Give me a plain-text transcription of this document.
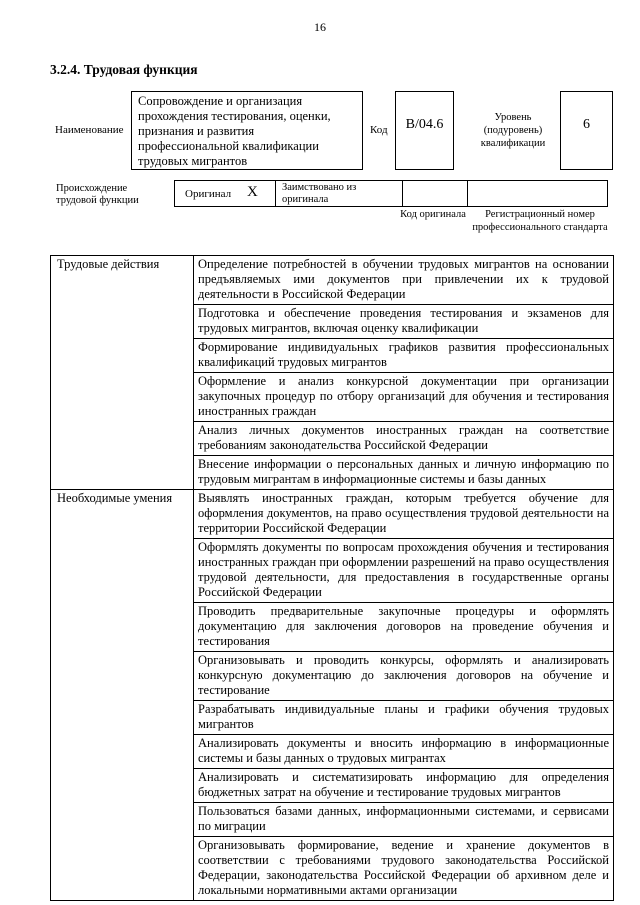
16
3.2.4. Трудовая функция
Наименование
Сопровождение и организация прохождения тестирования, оценки, признания и развития профессиональной квалификации трудовых мигрантов
Код	В/04.6	Уровень (подуровень) квалификации
6
Происхождение трудовой функции
Оригинал X Заимствовано из оригинала
Код оригинала	Регистрационный номер профессионального стандарта
Трудовые действия	Определение потребностей в обучении трудовых мигрантов на основании предъявляемых ими документов при привлечении их к трудовой деятельности в Российской Федерации
	Подготовка и обеспечение проведения тестирования и экзаменов для трудовых мигрантов, включая оценку квалификации
	Формирование индивидуальных графиков развития профессиональных квалификаций трудовых мигрантов
	Оформление и анализ конкурсной документации при организации закупочных процедур по отбору организаций для обучения и тестирования иностранных граждан
	Анализ личных документов иностранных граждан на соответствие требованиям законодательства Российской Федерации
	Внесение информации о персональных данных и личную информацию по трудовым мигрантам в информационные системы и базы данных
Необходимые умения	Выявлять иностранных граждан, которым требуется обучение для оформления документов, на право осуществления трудовой деятельности на территории Российской Федерации
	Оформлять документы по вопросам прохождения обучения и тестирования иностранных граждан при оформлении разрешений на право осуществления трудовой деятельности, для предоставления в государственные органы Российской Федерации
	Проводить предварительные закупочные процедуры и оформлять документацию для заключения договоров на проведение обучения и тестирования
	Организовывать и проводить конкурсы, оформлять и анализировать конкурсную документацию до заключения договоров на обучение и тестирование
	Разрабатывать индивидуальные планы и графики обучения трудовых мигрантов
	Анализировать документы и вносить информацию в информационные системы и базы данных о трудовых мигрантах
	Анализировать и систематизировать информацию для определения бюджетных затрат на обучение и тестирование трудовых мигрантов
	Пользоваться базами данных, информационными системами, и сервисами по миграции
	Организовывать формирование, ведение и хранение документов в соответствии с требованиями трудового законодательства Российской Федерации, законодательства Российской Федерации об архивном деле и локальными нормативными актами организации
